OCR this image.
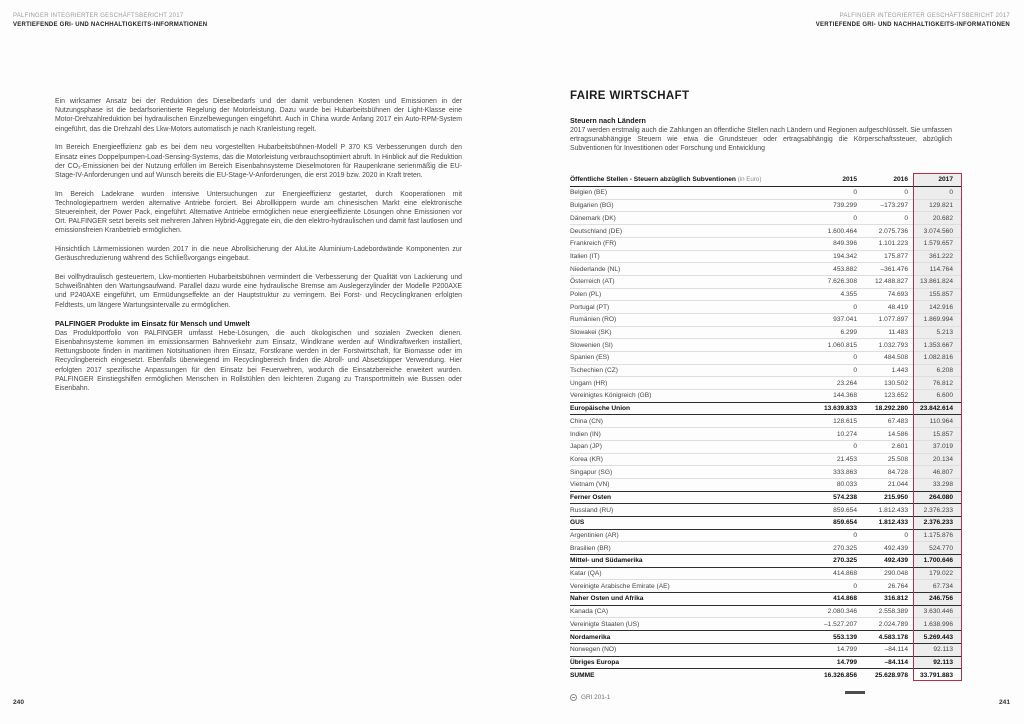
PALFINGER INTEGRIERTER GESCHÄFTSBERICHT 2017
VERTIEFENDE GRI- UND NACHHALTIGKEITS-INFORMATIONEN
PALFINGER INTEGRIERTER GESCHÄFTSBERICHT 2017
VERTIEFENDE GRI- UND NACHHALTIGKEITS-INFORMATIONEN

Ein wirksamer Ansatz bei der Reduktion des Dieselbedarfs und der damit verbundenen Kosten und Emissionen in der Nutzungsphase ist die bedarfsorientierte Regelung der Motorleistung. Dazu wurde bei Hubarbeitsbühnen der Light-Klasse eine Motor-Drehzahlreduktion bei hydraulischen Einzelbewegungen eingeführt. Auch in China wurde Anfang 2017 ein Auto-RPM-System eingeführt, das die Drehzahl des Lkw-Motors automatisch je nach Kranleistung regelt.

Im Bereich Energieeffizienz gab es bei dem neu vorgestellten Hubarbeitsbühnen-Modell P 370 KS Verbesserungen durch den Einsatz eines Doppelpumpen-Load-Sensing-Systems, das die Motorleistung verbrauchsoptimiert abruft. In Hinblick auf die Reduktion der CO₂-Emissionen bei der Nutzung erfüllen im Bereich Eisenbahnsysteme Dieselmotoren für Raupenkrane serienmäßig die EU-Stage-IV-Anforderungen und auf Wunsch bereits die EU-Stage-V-Anforderungen, die erst 2019 bzw. 2020 in Kraft treten.

Im Bereich Ladekrane wurden intensive Untersuchungen zur Energieeffizienz gestartet, durch Kooperationen mit Technologiepartnern werden alternative Antriebe forciert. Bei Abrollkippern wurde am chinesischen Markt eine elektronische Steuereinheit, der Power Pack, eingeführt. Alternative Antriebe ermöglichen neue energieeffiziente Lösungen ohne Emissionen vor Ort. PALFINGER setzt bereits seit mehreren Jahren Hybrid-Aggregate ein, die den elektro-hydraulischen und damit fast lautlosen und emissionsfreien Kranbetrieb ermöglichen.

Hinsichtlich Lärmemissionen wurden 2017 in die neue Abrollsicherung der AluLite Aluminium-Ladebordwände Komponenten zur Geräuschreduzierung während des Schließvorgangs eingebaut.

Bei vollhydraulisch gesteuertem, Lkw-montierten Hubarbeitsbühnen vermindert die Verbesserung der Qualität von Lackierung und Schweißnähten den Wartungsaufwand. Parallel dazu wurde eine hydraulische Bremse am Auslegerzylinder der Modelle P200AXE und P240AXE eingeführt, um Ermüdungseffekte an der Hauptstruktur zu verringern. Bei Forst- und Recyclingkranen erfolgten Feldtests, um längere Wartungsintervalle zu ermöglichen.

PALFINGER Produkte im Einsatz für Mensch und Umwelt

Das Produktportfolio von PALFINGER umfasst Hebe-Lösungen, die auch ökologischen und sozialen Zwecken dienen. Eisenbahnsysteme kommen im emissionsarmen Bahnverkehr zum Einsatz, Windkrane werden auf Windkraftwerken installiert, Rettungsboote finden in maritimen Notsituationen ihren Einsatz, Forstkrane werden in der Forstwirtschaft, für Biomasse oder im Recyclingbereich eingesetzt. Ebenfalls überwiegend im Recyclingbereich finden die Abroll- und Absetzkipper Verwendung. Hier erfolgten 2017 spezifische Anpassungen für den Einsatz bei Feuerwehren, wodurch die Einsatzbereiche erweitert wurden. PALFINGER Einstiegshilfen ermöglichen Menschen in Rollstühlen den leichteren Zugang zu Transportmitteln wie Bussen oder Eisenbahn.

FAIRE WIRTSCHAFT
Steuern nach Ländern

2017 werden erstmalig auch die Zahlungen an öffentliche Stellen nach Ländern und Regionen aufgeschlüsselt. Sie umfassen ertragsunabhängige Steuern wie etwa die Grundsteuer oder ertragsabhängig die Körperschaftssteuer, abzüglich Subventionen für Investitionen oder Forschung und Entwicklung

Öffentliche Stellen - Steuern abzüglich Subventionen (in Euro)	2015	2016	2017
Belgien (BE)	0	0	0
Bulgarien (BG)	739.299	–173.297	129.821
Dänemark (DK)	0	0	20.682
Deutschland (DE)	1.600.464	2.075.736	3.074.560
Frankreich (FR)	849.396	1.101.223	1.579.657
Italien (IT)	194.342	175.877	361.222
Niederlande (NL)	453.882	–361.476	114.764
Österreich (AT)	7.626.308	12.488.827	13.861.824
Polen (PL)	4.355	74.693	155.857
Portugal (PT)	0	48.419	142.916
Rumänien (RO)	937.041	1.077.897	1.869.994
Slowakei (SK)	6.299	11.483	5.213
Slowenien (SI)	1.060.815	1.032.793	1.353.667
Spanien (ES)	0	484.508	1.082.816
Tschechien (CZ)	0	1.443	6.208
Ungarn (HR)	23.264	130.502	76.812
Vereinigtes Königreich (GB)	144.368	123.652	6.600
Europäische Union	13.639.833	18.292.280	23.842.614
China (CN)	128.615	67.483	110.964
Indien (IN)	10.274	14.586	15.857
Japan (JP)	0	2.601	37.019
Korea (KR)	21.453	25.508	20.134
Singapur (SG)	333.863	84.728	46.807
Vietnam (VN)	80.033	21.044	33.298
Ferner Osten	574.238	215.950	264.080
Russland (RU)	859.654	1.812.433	2.376.233
GUS	859.654	1.812.433	2.376.233
Argentinien (AR)	0	0	1.175.876
Brasilien (BR)	270.325	492.439	524.770
Mittel- und Südamerika	270.325	492.439	1.700.646
Katar (QA)	414.868	290.048	179.022
Vereinigte Arabische Emirate (AE)	0	26.764	67.734
Naher Osten und Afrika	414.868	316.812	246.756
Kanada (CA)	2.080.346	2.558.389	3.630.446
Vereinigte Staaten (US)	–1.527.207	2.024.789	1.638.996
Nordamerika	553.139	4.583.178	5.269.443
Norwegen (NO)	14.799	–84.114	92.113
Übriges Europa	14.799	–84.114	92.113
SUMME	16.326.856	25.628.978	33.791.883
GRI 201-1
240	241
